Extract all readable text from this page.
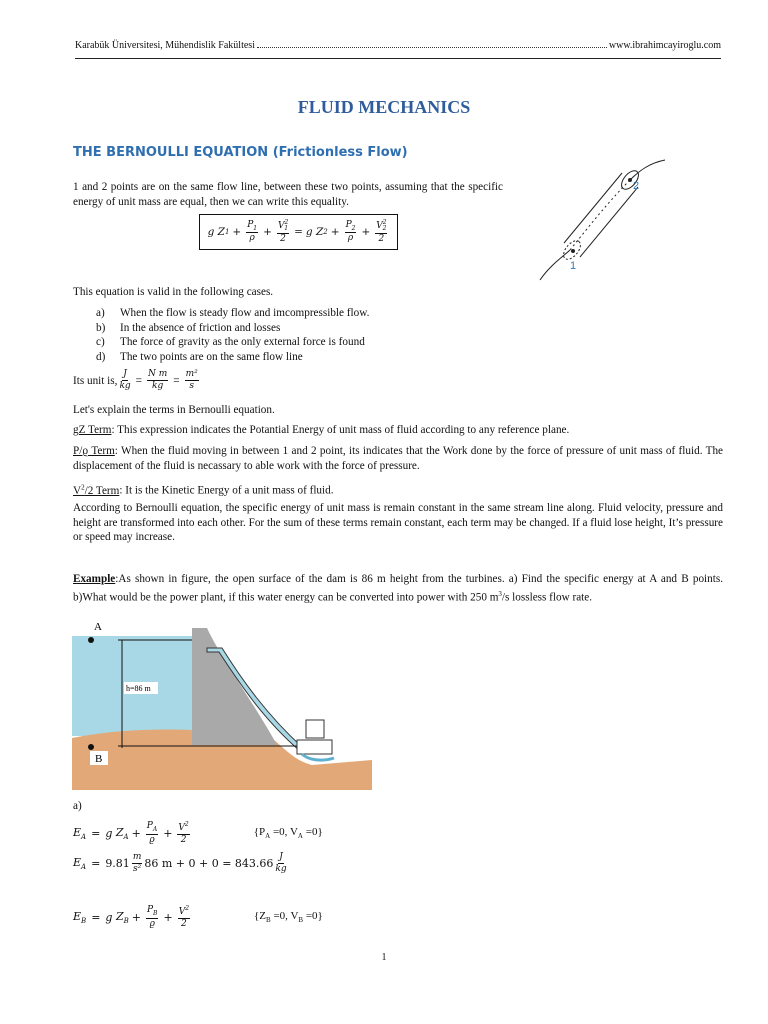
Karabük Üniversitesi, Mühendislik Fakültesi	www.ibrahimcayiroglu.com
FLUID MECHANICS
THE BERNOULLI EQUATION (Frictionless Flow)
1 and 2 points are on the same flow line, between these two points, assuming that the specific energy of unit mass are equal, then we can write this equality.
g
Z $1 + \frac{P_1}{\rho} + \frac{V^2_1}{2} = g$
Z $2 + \frac{P_2}{\rho} + \frac{V^2_2}{2}$
1
2
This equation is valid in the following cases.
a)	When the flow is steady flow and imcompressible flow.
b)	In the absence of friction and losses
c)	The force of gravity as the only external force is found
d)	The two points are on the same flow line
Its unit is, $\frac{J}{kg} = \frac{\text{N m}}{kg} = \frac{\text{m²}}{s}$
Let's explain the terms in Bernoulli equation.
gZ Term: This expression indicates the Potantial Energy of unit mass of fluid according to any reference plane.
P/ϱ Term: When the fluid moving in between 1 and 2 point, its indicates that the Work done by the force of pressure of unit mass of fluid. The displacement of the fluid is necassary to able work with the force of pressure.
$V^2/2$ Term: It is the Kinetic Energy of a unit mass of fluid.
According to Bernoulli equation, the specific energy of unit mass is remain constant in the same stream line along. Fluid velocity, pressure and height are transformed into each other. For the sum of these terms remain constant, each term may be changed. If a fluid lose height, It’s pressure or speed may increase.
Example:As shown in figure, the open surface of the dam is 86 m height from the turbines. a) Find the specific energy at A and B points. b)What would be the power plant, if this water energy can be converted into power with 250 $m^3/s$ lossless flow rate.
A
B
h=86 m
a)
$E_A = g$
$Z_A + \frac{P_A}{ϱ} + \frac{V^2}{2}$	{$P_A =0$, $V_A =0$}
$E_A = 9.81 \frac{m}{\text{s²}} 86$ $m + 0 + 0 = 843.66 \frac{J}{kg}$
$E_B = g$
$Z_B + \frac{P_B}{ϱ} + \frac{V^2}{2}$	{$Z_B =0$, $V_B =0$}
1
